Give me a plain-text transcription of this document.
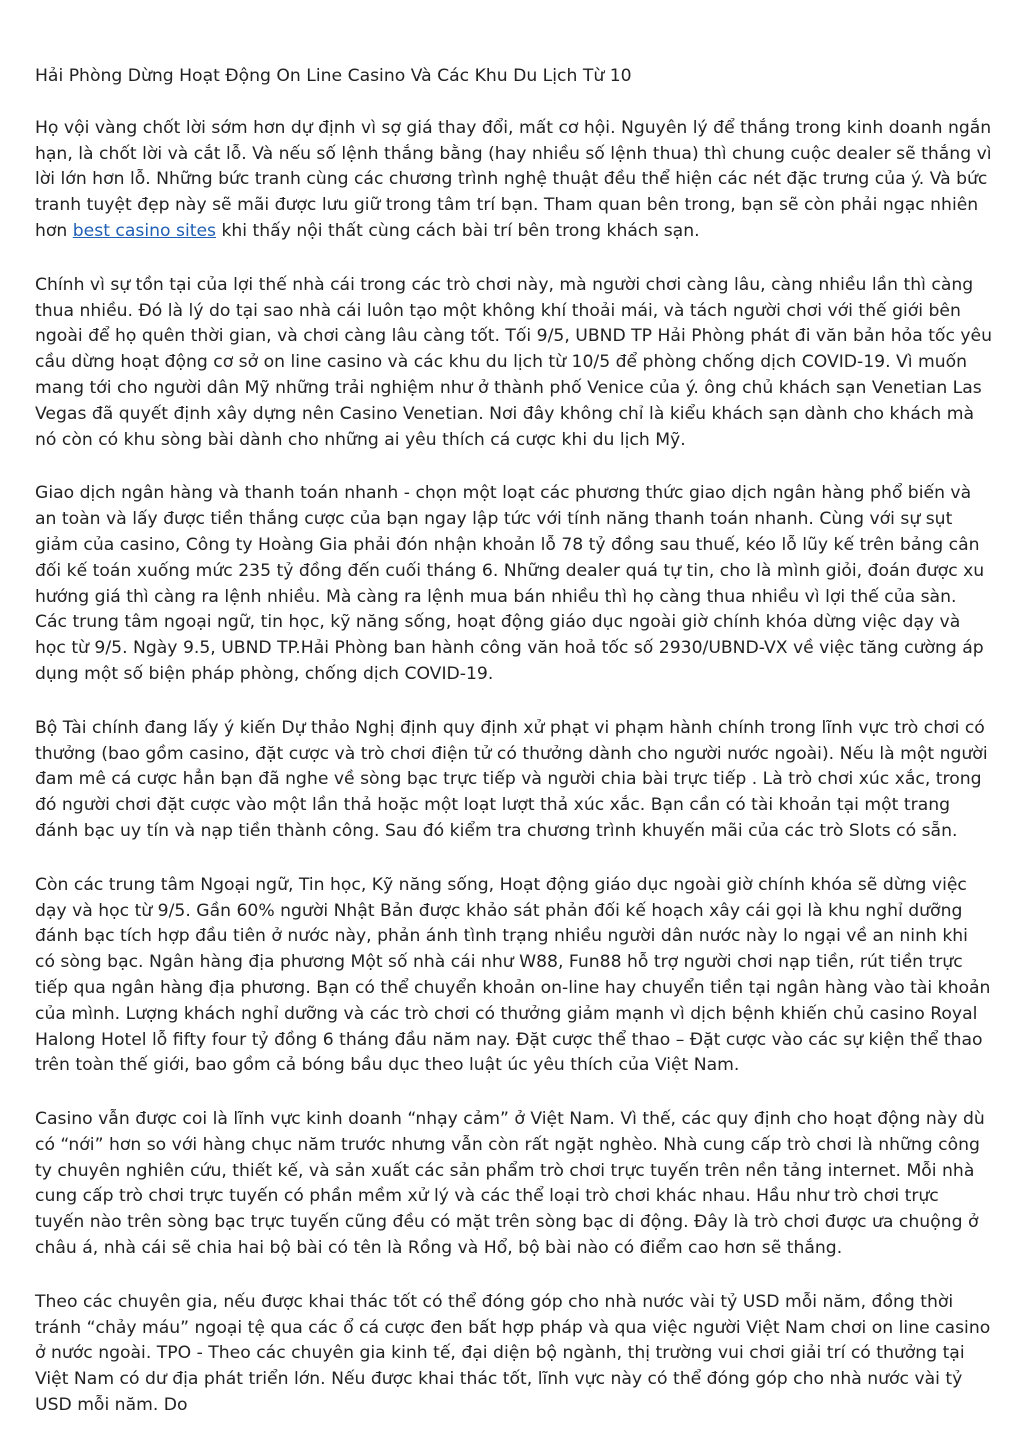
Hải Phòng Dừng Hoạt Động On Line Casino Và Các Khu Du Lịch Từ 10

Họ vội vàng chốt lời sớm hơn dự định vì sợ giá thay đổi, mất cơ hội. Nguyên lý để thắng trong kinh doanh ngắn hạn, là chốt lời và cắt lỗ. Và nếu số lệnh thắng bằng (hay nhiều số lệnh thua) thì chung cuộc dealer sẽ thắng vì lời lớn hơn lỗ. Những bức tranh cùng các chương trình nghệ thuật đều thể hiện các nét đặc trưng của ý. Và bức tranh tuyệt đẹp này sẽ mãi được lưu giữ trong tâm trí bạn. Tham quan bên trong, bạn sẽ còn phải ngạc nhiên hơn best casino sites khi thấy nội thất cùng cách bài trí bên trong khách sạn.

Chính vì sự tồn tại của lợi thế nhà cái trong các trò chơi này, mà người chơi càng lâu, càng nhiều lần thì càng thua nhiều. Đó là lý do tại sao nhà cái luôn tạo một không khí thoải mái, và tách người chơi với thế giới bên ngoài để họ quên thời gian, và chơi càng lâu càng tốt. Tối 9/5, UBND TP Hải Phòng phát đi văn bản hỏa tốc yêu cầu dừng hoạt động cơ sở on line casino và các khu du lịch từ 10/5 để phòng chống dịch COVID-19. Vì muốn mang tới cho người dân Mỹ những trải nghiệm như ở thành phố Venice của ý. ông chủ khách sạn Venetian Las Vegas đã quyết định xây dựng nên Casino Venetian. Nơi đây không chỉ là kiểu khách sạn dành cho khách mà nó còn có khu sòng bài dành cho những ai yêu thích cá cược khi du lịch Mỹ.

Giao dịch ngân hàng và thanh toán nhanh - chọn một loạt các phương thức giao dịch ngân hàng phổ biến và an toàn và lấy được tiền thắng cược của bạn ngay lập tức với tính năng thanh toán nhanh. Cùng với sự sụt giảm của casino, Công ty Hoàng Gia phải đón nhận khoản lỗ 78 tỷ đồng sau thuế, kéo lỗ lũy kế trên bảng cân đối kế toán xuống mức 235 tỷ đồng đến cuối tháng 6. Những dealer quá tự tin, cho là mình giỏi, đoán được xu hướng giá thì càng ra lệnh nhiều. Mà càng ra lệnh mua bán nhiều thì họ càng thua nhiều vì lợi thế của sàn. Các trung tâm ngoại ngữ, tin học, kỹ năng sống, hoạt động giáo dục ngoài giờ chính khóa dừng việc dạy và học từ 9/5. Ngày 9.5, UBND TP.Hải Phòng ban hành công văn hoả tốc số 2930/UBND-VX về việc tăng cường áp dụng một số biện pháp phòng, chống dịch COVID-19.

Bộ Tài chính đang lấy ý kiến Dự thảo Nghị định quy định xử phạt vi phạm hành chính trong lĩnh vực trò chơi có thưởng (bao gồm casino, đặt cược và trò chơi điện tử có thưởng dành cho người nước ngoài). Nếu là một người đam mê cá cược hẳn bạn đã nghe về sòng bạc trực tiếp và người chia bài trực tiếp . Là trò chơi xúc xắc, trong đó người chơi đặt cược vào một lần thả hoặc một loạt lượt thả xúc xắc. Bạn cần có tài khoản tại một trang đánh bạc uy tín và nạp tiền thành công. Sau đó kiểm tra chương trình khuyến mãi của các trò Slots có sẵn.

Còn các trung tâm Ngoại ngữ, Tin học, Kỹ năng sống, Hoạt động giáo dục ngoài giờ chính khóa sẽ dừng việc dạy và học từ 9/5. Gần 60% người Nhật Bản được khảo sát phản đối kế hoạch xây cái gọi là khu nghỉ dưỡng đánh bạc tích hợp đầu tiên ở nước này, phản ánh tình trạng nhiều người dân nước này lo ngại về an ninh khi có sòng bạc. Ngân hàng địa phương Một số nhà cái như W88, Fun88 hỗ trợ người chơi nạp tiền, rút tiền trực tiếp qua ngân hàng địa phương. Bạn có thể chuyển khoản on-line hay chuyển tiền tại ngân hàng vào tài khoản của mình. Lượng khách nghỉ dưỡng và các trò chơi có thưởng giảm mạnh vì dịch bệnh khiến chủ casino Royal Halong Hotel lỗ fifty four tỷ đồng 6 tháng đầu năm nay. Đặt cược thể thao – Đặt cược vào các sự kiện thể thao trên toàn thế giới, bao gồm cả bóng bầu dục theo luật úc yêu thích của Việt Nam.

Casino vẫn được coi là lĩnh vực kinh doanh “nhạy cảm” ở Việt Nam. Vì thế, các quy định cho hoạt động này dù có “nới” hơn so với hàng chục năm trước nhưng vẫn còn rất ngặt nghèo. Nhà cung cấp trò chơi là những công ty chuyên nghiên cứu, thiết kế, và sản xuất các sản phẩm trò chơi trực tuyến trên nền tảng internet. Mỗi nhà cung cấp trò chơi trực tuyến có phần mềm xử lý và các thể loại trò chơi khác nhau. Hầu như trò chơi trực tuyến nào trên sòng bạc trực tuyến cũng đều có mặt trên sòng bạc di động. Đây là trò chơi được ưa chuộng ở châu á, nhà cái sẽ chia hai bộ bài có tên là Rồng và Hổ, bộ bài nào có điểm cao hơn sẽ thắng.

Theo các chuyên gia, nếu được khai thác tốt có thể đóng góp cho nhà nước vài tỷ USD mỗi năm, đồng thời tránh “chảy máu” ngoại tệ qua các ổ cá cược đen bất hợp pháp và qua việc người Việt Nam chơi on line casino ở nước ngoài. TPO - Theo các chuyên gia kinh tế, đại diện bộ ngành, thị trường vui chơi giải trí có thưởng tại Việt Nam có dư địa phát triển lớn. Nếu được khai thác tốt, lĩnh vực này có thể đóng góp cho nhà nước vài tỷ USD mỗi năm. Do
